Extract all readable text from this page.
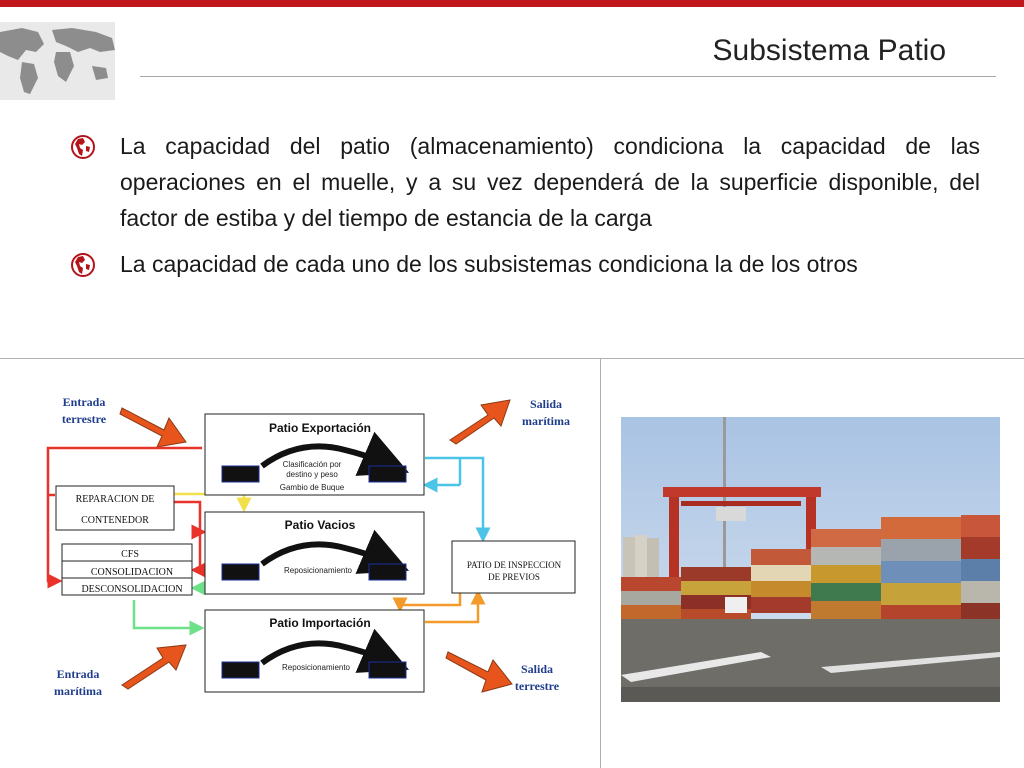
Subsistema Patio
La capacidad del patio (almacenamiento) condiciona la capacidad de las operaciones en el muelle, y a su vez dependerá de la superficie disponible, del factor de estiba y del tiempo de estancia de la carga
La capacidad de cada uno de los subsistemas condiciona la de los otros
Entrada
terrestre
Salida
marítima
Entrada
marítima
Salida
terrestre
Patio Exportación
Clasificación por
destino y peso
Gambio de Buque
Patio Vacios
Reposicionamiento
Patio Importación
Reposicionamiento
REPARACION DE
CONTENEDOR
CFS
CONSOLIDACION
DESCONSOLIDACION
PATIO DE INSPECCION
DE PREVIOS
